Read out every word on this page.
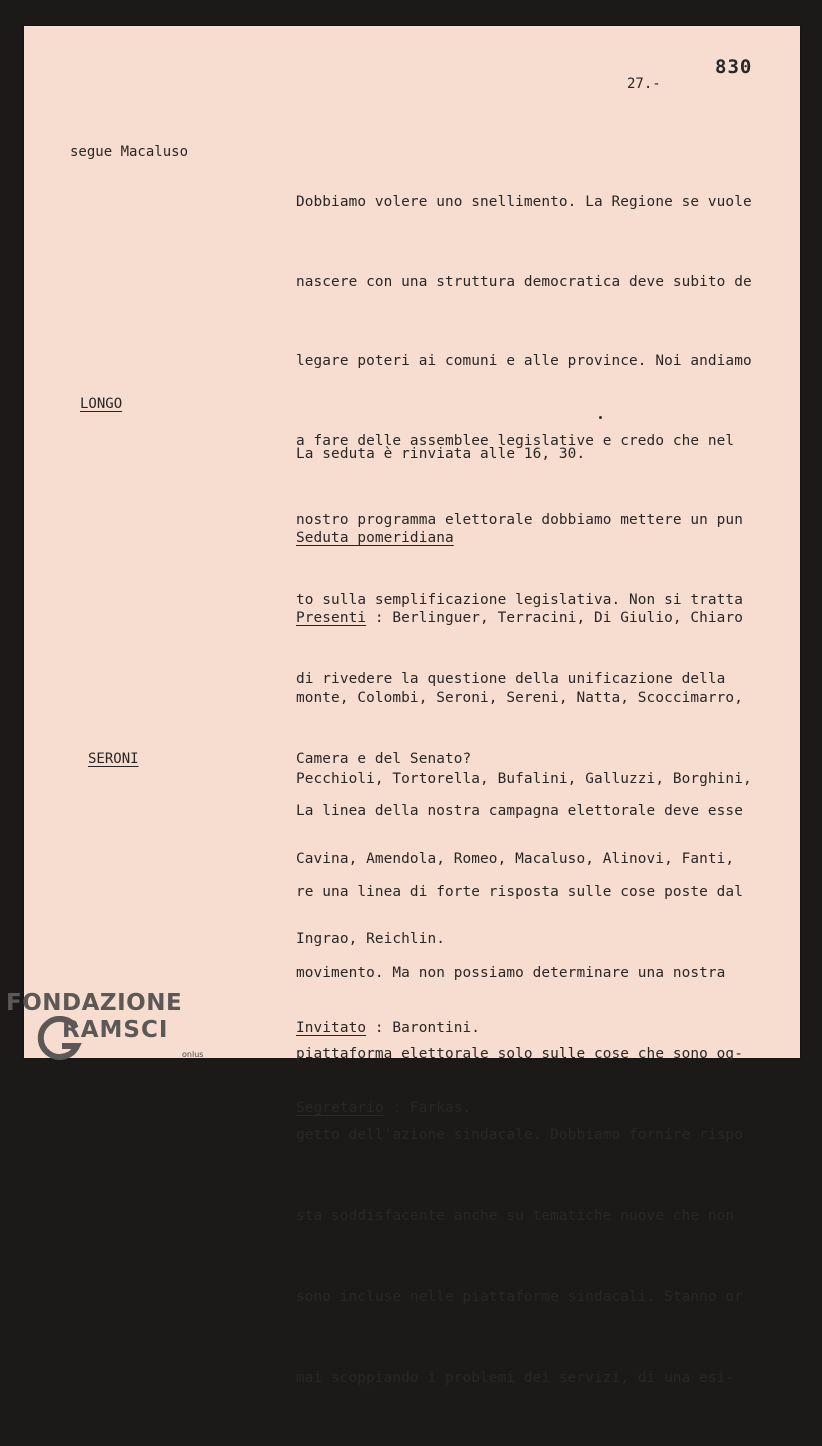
830
27.-
segue Macaluso

Dobbiamo volere uno snellimento. La Regione se vuole

nascere con una struttura democratica deve subito de

legare poteri ai comuni e alle province. Noi andiamo

a fare delle assemblee legislative e credo che nel

nostro programma elettorale dobbiamo mettere un pun

to sulla semplificazione legislativa. Non si tratta

di rivedere la questione della unificazione della

Camera e del Senato?

LONGO

La seduta è rinviata alle 16, 30.

Seduta pomeridiana

Presenti : Berlinguer, Terracini, Di Giulio, Chiaro

monte, Colombi, Seroni, Sereni, Natta, Scoccimarro,

Pecchioli, Tortorella, Bufalini, Galluzzi, Borghini,

Cavina, Amendola, Romeo, Macaluso, Alinovi, Fanti,

Ingrao, Reichlin.

Invitato : Barontini.

Segretario : Farkas.

SERONI

La linea della nostra campagna elettorale deve esse

re una linea di forte risposta sulle cose poste dal

movimento. Ma non possiamo determinare una nostra

piattaforma elettorale solo sulle cose che sono og-

getto dell'azione sindacale. Dobbiamo fornire rispo

sta soddisfacente anche su tematiche nuove che non

sono incluse nelle piattaforme sindacali. Stanno or

mai scoppiando i problemi dei servizi, di una esi-

FONDAZIONE
RAMSCI
onlus
